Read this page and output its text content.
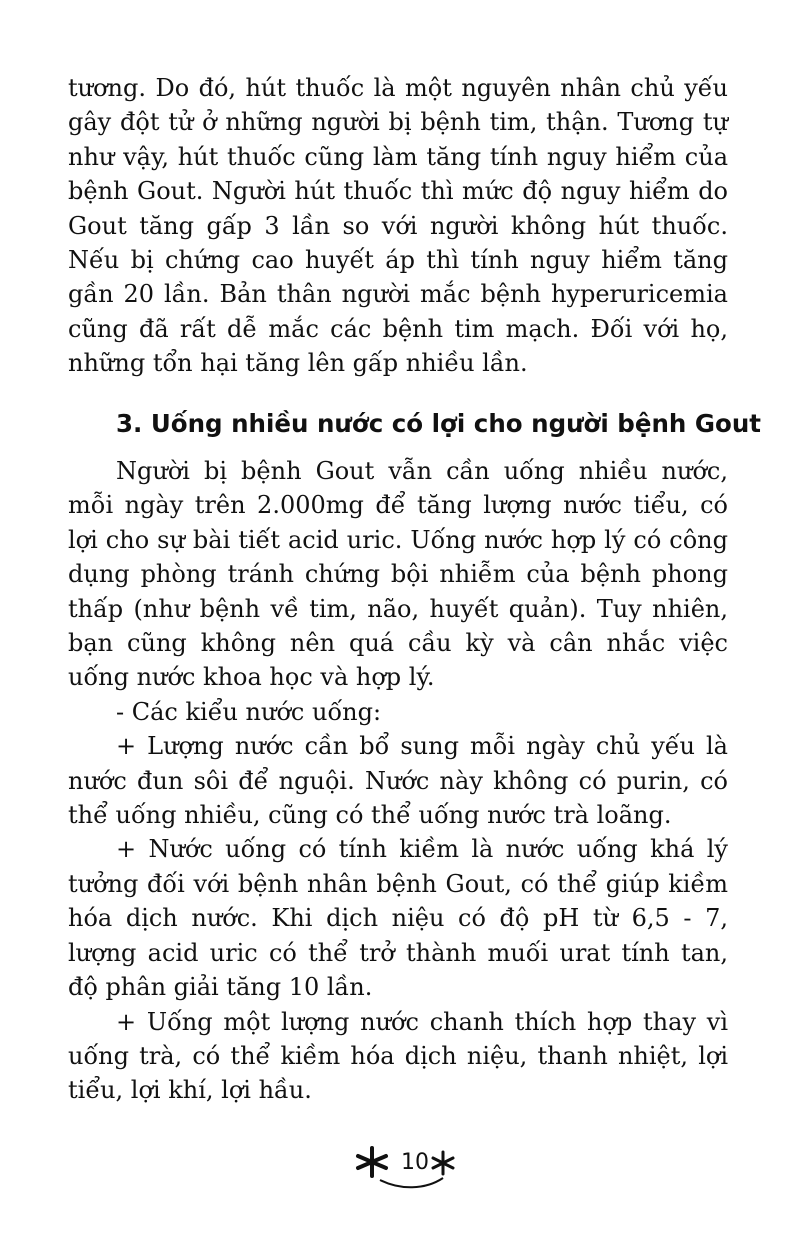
tương. Do đó, hút thuốc là một nguyên nhân chủ yếu gây đột tử ở những người bị bệnh tim, thận. Tương tự như vậy, hút thuốc cũng làm tăng tính nguy hiểm của bệnh Gout. Người hút thuốc thì mức độ nguy hiểm do Gout tăng gấp 3 lần so với người không hút thuốc. Nếu bị chứng cao huyết áp thì tính nguy hiểm tăng gần 20 lần. Bản thân người mắc bệnh hyperuricemia cũng đã rất dễ mắc các bệnh tim mạch. Đối với họ, những tổn hại tăng lên gấp nhiều lần.

3. Uống nhiều nước có lợi cho người bệnh Gout

Người bị bệnh Gout vẫn cần uống nhiều nước, mỗi ngày trên 2.000mg để tăng lượng nước tiểu, có lợi cho sự bài tiết acid uric. Uống nước hợp lý có công dụng phòng tránh chứng bội nhiễm của bệnh phong thấp (như bệnh về tim, não, huyết quản). Tuy nhiên, bạn cũng không nên quá cầu kỳ và cân nhắc việc uống nước khoa học và hợp lý.

- Các kiểu nước uống:

+ Lượng nước cần bổ sung mỗi ngày chủ yếu là nước đun sôi để nguội. Nước này không có purin, có thể uống nhiều, cũng có thể uống nước trà loãng.

+ Nước uống có tính kiềm là nước uống khá lý tưởng đối với bệnh nhân bệnh Gout, có thể giúp kiềm hóa dịch nước. Khi dịch niệu có độ pH từ 6,5 - 7, lượng acid uric có thể trở thành muối urat tính tan, độ phân giải tăng 10 lần.

+ Uống một lượng nước chanh thích hợp thay vì uống trà, có thể kiềm hóa dịch niệu, thanh nhiệt, lợi tiểu, lợi khí, lợi hầu.

10
